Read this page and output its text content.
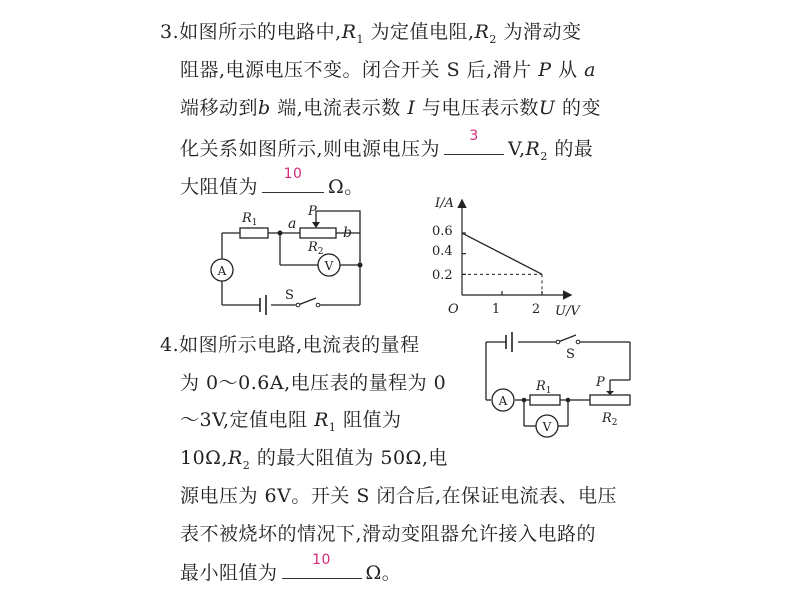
3.如图所示的电路中$,R_1$ 为定值电阻$,R_2$ 为滑动变
阻器,电源电压不变。闭合开关 S 后,滑片 P 从 a
端移动到b 端,电流表示数 I 与电压表示数U 的变
化关系如图所示,则电源电压为
3
$V,R_2$ 的最
大阻值为
10
Ω。
$R_1$
$R_2$
a
b
P
A	V
S
I/A
U/V
O
0.6
0.4
0.2
1 2
4.如图所示电路,电流表的量程
为 0～0.6A,电压表的量程为 0
～3V,定值电阻 $R_1$ 阻值为
$10\Omega,R_2$ 的最大阻值为 50Ω,电
源电压为 6V。开关 S 闭合后,在保证电流表、电压
表不被烧坏的情况下,滑动变阻器允许接入电路的
最小阻值为
10
Ω。
A
V
S
$R_1$
$R_2$
P
